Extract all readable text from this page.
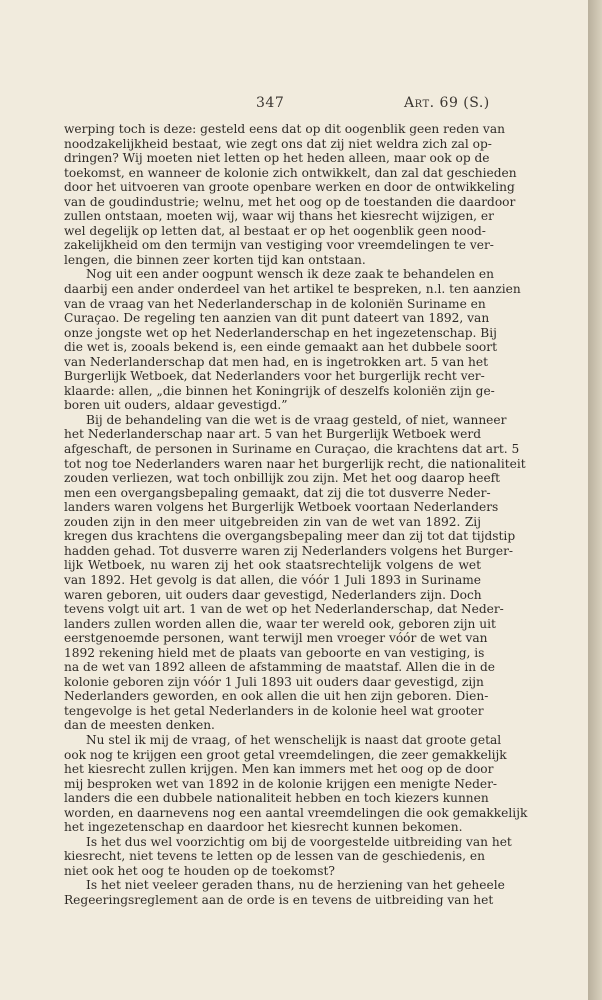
347	Art. 69 (S.)
werping toch is deze: gesteld eens dat op dit oogenblik geen reden van
noodzakelijkheid bestaat, wie zegt ons dat zij niet weldra zich zal op-
dringen? Wij moeten niet letten op het heden alleen, maar ook op de
toekomst, en wanneer de kolonie zich ontwikkelt, dan zal dat geschieden
door het uitvoeren van groote openbare werken en door de ontwikkeling
van de goudindustrie; welnu, met het oog op de toestanden die daardoor
zullen ontstaan, moeten wij, waar wij thans het kiesrecht wijzigen, er
wel degelijk op letten dat, al bestaat er op het oogenblik geen nood-
zakelijkheid om den termijn van vestiging voor vreemdelingen te ver-
lengen, die binnen zeer korten tijd kan ontstaan.
Nog uit een ander oogpunt wensch ik deze zaak te behandelen en
daarbij een ander onderdeel van het artikel te bespreken, n.l. ten aanzien
van de vraag van het Nederlanderschap in de koloniën Suriname en
Curaçao. De regeling ten aanzien van dit punt dateert van 1892, van
onze jongste wet op het Nederlanderschap en het ingezetenschap. Bij
die wet is, zooals bekend is, een einde gemaakt aan het dubbele soort
van Nederlanderschap dat men had, en is ingetrokken art. 5 van het
Burgerlijk Wetboek, dat Nederlanders voor het burgerlijk recht ver-
klaarde: allen, „die binnen het Koningrijk of deszelfs koloniën zijn ge-
boren uit ouders, aldaar gevestigd.”
Bij de behandeling van die wet is de vraag gesteld, of niet, wanneer
het Nederlanderschap naar art. 5 van het Burgerlijk Wetboek werd
afgeschaft, de personen in Suriname en Curaçao, die krachtens dat art. 5
tot nog toe Nederlanders waren naar het burgerlijk recht, die nationaliteit
zouden verliezen, wat toch onbillijk zou zijn. Met het oog daarop heeft
men een overgangsbepaling gemaakt, dat zij die tot dusverre Neder-
landers waren volgens het Burgerlijk Wetboek voortaan Nederlanders
zouden zijn in den meer uitgebreiden zin van de wet van 1892. Zij
kregen dus krachtens die overgangsbepaling meer dan zij tot dat tijdstip
hadden gehad. Tot dusverre waren zij Nederlanders volgens het Burger-
lijk Wetboek, nu waren zij het ook staatsrechtelijk volgens de wet
van 1892. Het gevolg is dat allen, die vóór 1 Juli 1893 in Suriname
waren geboren, uit ouders daar gevestigd, Nederlanders zijn. Doch
tevens volgt uit art. 1 van de wet op het Nederlanderschap, dat Neder-
landers zullen worden allen die, waar ter wereld ook, geboren zijn uit
eerstgenoemde personen, want terwijl men vroeger vóór de wet van
1892 rekening hield met de plaats van geboorte en van vestiging, is
na de wet van 1892 alleen de afstamming de maatstaf. Allen die in de
kolonie geboren zijn vóór 1 Juli 1893 uit ouders daar gevestigd, zijn
Nederlanders geworden, en ook allen die uit hen zijn geboren. Dien-
tengevolge is het getal Nederlanders in de kolonie heel wat grooter
dan de meesten denken.
Nu stel ik mij de vraag, of het wenschelijk is naast dat groote getal
ook nog te krijgen een groot getal vreemdelingen, die zeer gemakkelijk
het kiesrecht zullen krijgen. Men kan immers met het oog op de door
mij besproken wet van 1892 in de kolonie krijgen een menigte Neder-
landers die een dubbele nationaliteit hebben en toch kiezers kunnen
worden, en daarnevens nog een aantal vreemdelingen die ook gemakkelijk
het ingezetenschap en daardoor het kiesrecht kunnen bekomen.
Is het dus wel voorzichtig om bij de voorgestelde uitbreiding van het
kiesrecht, niet tevens te letten op de lessen van de geschiedenis, en
niet ook het oog te houden op de toekomst?
Is het niet veeleer geraden thans, nu de herziening van het geheele
Regeeringsreglement aan de orde is en tevens de uitbreiding van het
